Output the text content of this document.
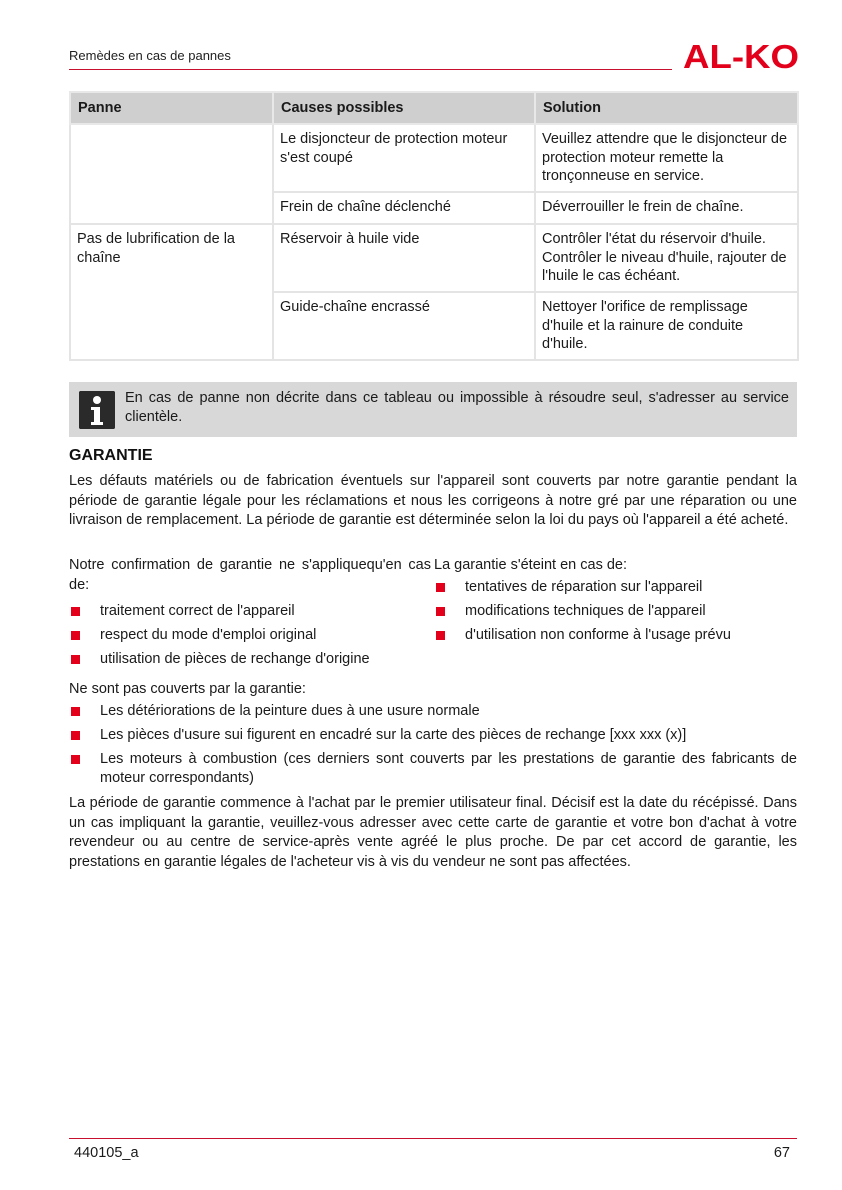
Remèdes en cas de pannes	AL-KO
Panne	Causes possibles	Solution
	Le disjoncteur de protection moteur s'est coupé	Veuillez attendre que le disjoncteur de protection moteur remette la tronçonneuse en service.
	Frein de chaîne déclenché	Déverrouiller le frein de chaîne.
Pas de lubrification de la chaîne	Réservoir à huile vide	Contrôler l'état du réservoir d'huile. Contrôler le niveau d'huile, rajouter de l'huile le cas échéant.
	Guide-chaîne encrassé	Nettoyer l'orifice de remplissage d'huile et la rainure de conduite d'huile.
En cas de panne non décrite dans ce tableau ou impossible à résoudre seul, s'adresser au service clientèle.
GARANTIE
Les défauts matériels ou de fabrication éventuels sur l'appareil sont couverts par notre garantie pendant la période de garantie légale pour les réclamations et nous les corrigeons à notre gré par une réparation ou une livraison de remplacement. La période de garantie est déterminée selon la loi du pays où l'appareil a été acheté.
Notre confirmation de garantie ne s'appliquequ'en cas de:
traitement correct de l'appareil
respect du mode d'emploi original
utilisation de pièces de rechange d'origine
La garantie s'éteint en cas de:
tentatives de réparation sur l'appareil
modifications techniques de l'appareil
d'utilisation non conforme à l'usage prévu
Ne sont pas couverts par la garantie:
Les détériorations de la peinture dues à une usure normale
Les pièces d'usure sui figurent en encadré sur la carte des pièces de rechange [xxx xxx (x)]
Les moteurs à combustion (ces derniers sont couverts par les prestations de garantie des fabricants de moteur correspondants)
La période de garantie commence à l'achat par le premier utilisateur final. Décisif est la date du récépissé. Dans un cas impliquant la garantie, veuillez-vous adresser avec cette carte de garantie et votre bon d'achat à votre revendeur ou au centre de service-après vente agréé le plus proche. De par cet accord de garantie, les prestations en garantie légales de l'acheteur vis à vis du vendeur ne sont pas affectées.
440105_a	67
